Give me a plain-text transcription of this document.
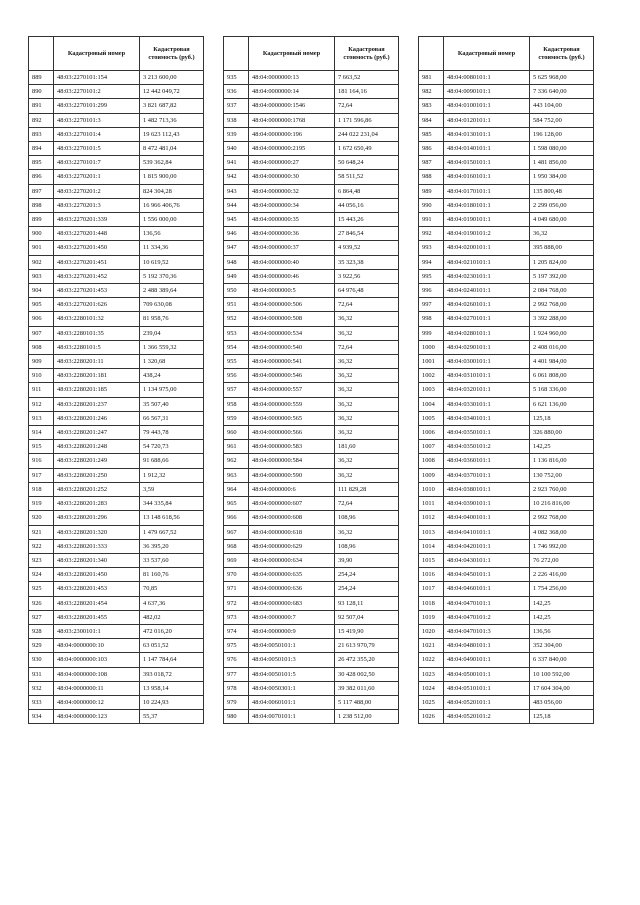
	Кадастровый номер	Кадастровая стоимость (руб.)
889	48:03:2270101:154	3 213 600,00
890	48:03:2270101:2	12 442 049,72
891	48:03:2270101:299	3 821 687,82
892	48:03:2270101:3	1 482 713,36
893	48:03:2270101:4	19 623 112,43
894	48:03:2270101:5	8 472 481,04
895	48:03:2270101:7	539 362,84
896	48:03:2270201:1	1 815 900,00
897	48:03:2270201:2	824 304,28
898	48:03:2270201:3	16 966 406,76
899	48:03:2270201:339	1 556 000,00
900	48:03:2270201:448	136,56
901	48:03:2270201:450	11 334,36
902	48:03:2270201:451	10 619,52
903	48:03:2270201:452	5 192 370,36
904	48:03:2270201:453	2 488 389,64
905	48:03:2270201:626	709 630,08
906	48:03:2280101:32	81 958,76
907	48:03:2280101:35	239,04
908	48:03:2280101:5	1 366 559,32
909	48:03:2280201:11	1 320,68
910	48:03:2280201:181	438,24
911	48:03:2280201:185	1 134 975,00
912	48:03:2280201:237	35 507,40
913	48:03:2280201:246	66 567,31
914	48:03:2280201:247	79 443,78
915	48:03:2280201:248	54 720,73
916	48:03:2280201:249	91 688,66
917	48:03:2280201:250	1 912,32
918	48:03:2280201:252	3,59
919	48:03:2280201:283	344 335,84
920	48:03:2280201:296	13 148 618,56
921	48:03:2280201:320	1 479 667,52
922	48:03:2280201:333	36 395,20
923	48:03:2280201:340	33 537,60
924	48:03:2280201:450	81 160,76
925	48:03:2280201:453	70,85
926	48:03:2280201:454	4 637,36
927	48:03:2280201:455	482,02
928	48:03:2300101:1	472 016,20
929	48:04:0000000:10	63 051,52
930	48:04:0000000:103	1 147 784,64
931	48:04:0000000:108	393 018,72
932	48:04:0000000:11	13 958,14
933	48:04:0000000:12	10 224,93
934	48:04:0000000:123	55,37
	Кадастровый номер	Кадастровая стоимость (руб.)
935	48:04:0000000:13	7 663,52
936	48:04:0000000:14	181 164,16
937	48:04:0000000:1546	72,64
938	48:04:0000000:1768	1 171 596,86
939	48:04:0000000:196	244 022 231,04
940	48:04:0000000:2195	1 672 650,49
941	48:04:0000000:27	50 648,24
942	48:04:0000000:30	58 511,52
943	48:04:0000000:32	6 864,48
944	48:04:0000000:34	44 056,16
945	48:04:0000000:35	15 443,26
946	48:04:0000000:36	27 846,54
947	48:04:0000000:37	4 939,52
948	48:04:0000000:40	35 323,38
949	48:04:0000000:46	3 922,56
950	48:04:0000000:5	64 976,48
951	48:04:0000000:506	72,64
952	48:04:0000000:508	36,32
953	48:04:0000000:534	36,32
954	48:04:0000000:540	72,64
955	48:04:0000000:541	36,32
956	48:04:0000000:546	36,32
957	48:04:0000000:557	36,32
958	48:04:0000000:559	36,32
959	48:04:0000000:565	36,32
960	48:04:0000000:566	36,32
961	48:04:0000000:583	181,60
962	48:04:0000000:584	36,32
963	48:04:0000000:590	36,32
964	48:04:0000000:6	111 829,28
965	48:04:0000000:607	72,64
966	48:04:0000000:608	108,96
967	48:04:0000000:618	36,32
968	48:04:0000000:629	108,96
969	48:04:0000000:634	39,90
970	48:04:0000000:635	254,24
971	48:04:0000000:636	254,24
972	48:04:0000000:683	93 128,11
973	48:04:0000000:7	92 507,04
974	48:04:0000000:9	15 419,90
975	48:04:0050101:1	21 613 970,79
976	48:04:0050101:3	26 472 355,20
977	48:04:0050101:5	30 428 002,50
978	48:04:0050301:1	39 382 011,60
979	48:04:0060101:1	5 117 488,00
980	48:04:0070101:1	1 238 512,00
	Кадастровый номер	Кадастровая стоимость (руб.)
981	48:04:0080101:1	5 625 968,00
982	48:04:0090101:1	7 336 640,00
983	48:04:0100101:1	443 104,00
984	48:04:0120101:1	584 752,00
985	48:04:0130101:1	196 128,00
986	48:04:0140101:1	1 598 080,00
987	48:04:0150101:1	1 481 856,00
988	48:04:0160101:1	1 950 384,00
989	48:04:0170101:1	135 800,48
990	48:04:0180101:1	2 299 056,00
991	48:04:0190101:1	4 049 680,00
992	48:04:0190101:2	36,32
993	48:04:0200101:1	395 888,00
994	48:04:0210101:1	1 205 824,00
995	48:04:0230101:1	5 197 392,00
996	48:04:0240101:1	2 084 768,00
997	48:04:0260101:1	2 992 768,00
998	48:04:0270101:1	3 392 288,00
999	48:04:0280101:1	1 924 960,00
1000	48:04:0290101:1	2 408 016,00
1001	48:04:0300101:1	4 401 984,00
1002	48:04:0310101:1	6 061 808,00
1003	48:04:0320101:1	5 168 336,00
1004	48:04:0330101:1	6 621 136,00
1005	48:04:0340101:1	125,18
1006	48:04:0350101:1	326 880,00
1007	48:04:0350101:2	142,25
1008	48:04:0360101:1	1 136 816,00
1009	48:04:0370101:1	130 752,00
1010	48:04:0380101:1	2 923 760,00
1011	48:04:0390101:1	10 216 816,00
1012	48:04:0400101:1	2 992 768,00
1013	48:04:0410101:1	4 082 368,00
1014	48:04:0420101:1	1 746 992,00
1015	48:04:0430101:1	76 272,00
1016	48:04:0450101:1	2 226 416,00
1017	48:04:0460101:1	1 754 256,00
1018	48:04:0470101:1	142,25
1019	48:04:0470101:2	142,25
1020	48:04:0470101:3	136,56
1021	48:04:0480101:1	352 304,00
1022	48:04:0490101:1	6 337 840,00
1023	48:04:0500101:1	10 100 592,00
1024	48:04:0510101:1	17 604 304,00
1025	48:04:0520101:1	483 056,00
1026	48:04:0520101:2	125,18
